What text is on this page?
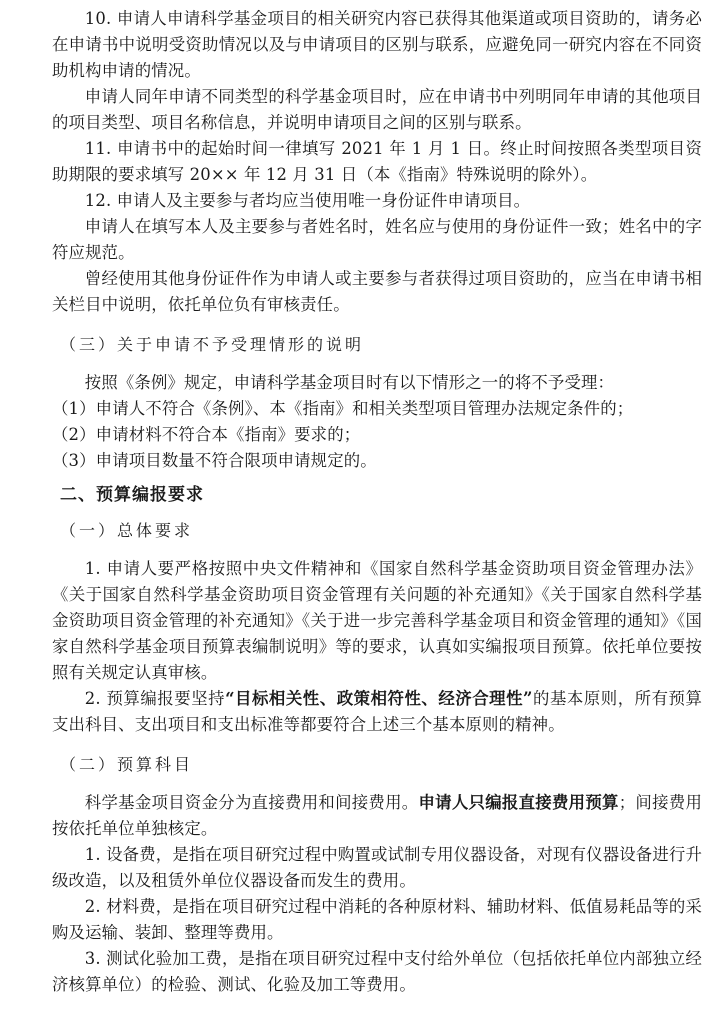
10. 申请人申请科学基金项目的相关研究内容已获得其他渠道或项目资助的，请务必在申请书中说明受资助情况以及与申请项目的区别与联系，应避免同一研究内容在不同资助机构申请的情况。

申请人同年申请不同类型的科学基金项目时，应在申请书中列明同年申请的其他项目的项目类型、项目名称信息，并说明申请项目之间的区别与联系。

11. 申请书中的起始时间一律填写 2021 年 1 月 1 日。终止时间按照各类型项目资助期限的要求填写 20×× 年 12 月 31 日（本《指南》特殊说明的除外）。

12. 申请人及主要参与者均应当使用唯一身份证件申请项目。

申请人在填写本人及主要参与者姓名时，姓名应与使用的身份证件一致；姓名中的字符应规范。

曾经使用其他身份证件作为申请人或主要参与者获得过项目资助的，应当在申请书相关栏目中说明，依托单位负有审核责任。

（三）关于申请不予受理情形的说明

按照《条例》规定，申请科学基金项目时有以下情形之一的将不予受理：

（1）申请人不符合《条例》、本《指南》和相关类型项目管理办法规定条件的；

（2）申请材料不符合本《指南》要求的；

（3）申请项目数量不符合限项申请规定的。

二、预算编报要求

（一）总体要求

1. 申请人要严格按照中央文件精神和《国家自然科学基金资助项目资金管理办法》《关于国家自然科学基金资助项目资金管理有关问题的补充通知》《关于国家自然科学基金资助项目资金管理的补充通知》《关于进一步完善科学基金项目和资金管理的通知》《国家自然科学基金项目预算表编制说明》等的要求，认真如实编报项目预算。依托单位要按照有关规定认真审核。

2. 预算编报要坚持“目标相关性、政策相符性、经济合理性”的基本原则，所有预算支出科目、支出项目和支出标准等都要符合上述三个基本原则的精神。

（二）预算科目

科学基金项目资金分为直接费用和间接费用。申请人只编报直接费用预算；间接费用按依托单位单独核定。

1. 设备费，是指在项目研究过程中购置或试制专用仪器设备，对现有仪器设备进行升级改造，以及租赁外单位仪器设备而发生的费用。

2. 材料费，是指在项目研究过程中消耗的各种原材料、辅助材料、低值易耗品等的采购及运输、装卸、整理等费用。

3. 测试化验加工费，是指在项目研究过程中支付给外单位（包括依托单位内部独立经济核算单位）的检验、测试、化验及加工等费用。
